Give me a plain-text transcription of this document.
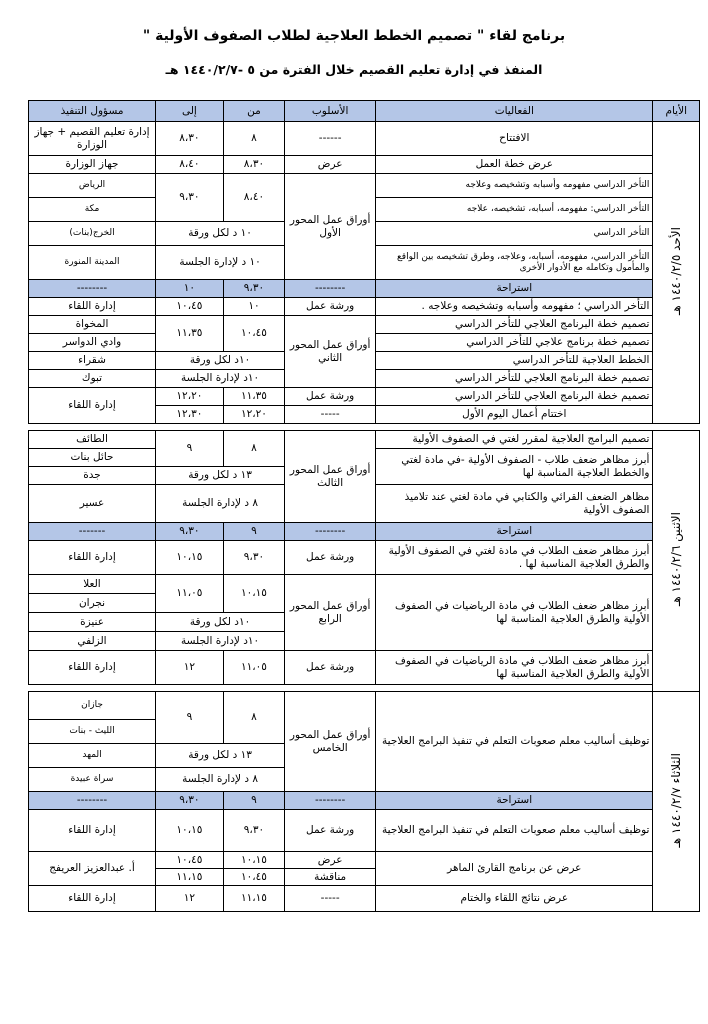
برنامج لقاء " تصميم الخطط العلاجية لطلاب الصفوف الأولية "
المنفذ في إدارة تعليم القصيم خلال الفترة من ٥ -١٤٤٠/٢/٧ هـ
الأيام	الفعاليات	الأسلوب	من	إلى	مسؤول التنفيذ
الأحد ١٤٤٠/٢/٥ هـ	الافتتاح	------	٨	٨،٣٠	إدارة تعليم القصيم + جهاز الوزارة
	عرض خطة العمل	عرض	٨،٣٠	٨،٤٠	جهاز الوزارة
	التأخر الدراسي مفهومه وأسبابه وتشخيصه وعلاجه	أوراق عمل المحور الأول	٨،٤٠	٩،٣٠	الرياض
	التأخر الدراسي: مفهومه، أسبابه، تشخيصه، علاجه				مكة
	التأخر الدراسي		١٠ د لكل ورقة		الخرج(بنات)
	التأخر الدراسي، مفهومه، أسبابه، وعلاجه، وطرق تشخيصه بين الواقع والمأمول وتكامله مع الأدوار الأخرى		١٠ د لإدارة الجلسة		المدينة المنورة
	استراحة	--------	٩،٣٠	١٠	--------
	التأخر الدراسي ؛ مفهومه وأسبابه وتشخيصه وعلاجه .	ورشة عمل	١٠	١٠،٤٥	إدارة اللقاء
	تصميم خطة البرنامج العلاجي للتأخر الدراسي	أوراق عمل المحور الثاني	١٠،٤٥	١١،٣٥	المخواة
	تصميم خطة برنامج علاجي للتأخر الدراسي				وادي الدواسر
	الخطط العلاجية للتأخر الدراسي		١٠د لكل ورقة		شقراء
	تصميم خطة البرنامج العلاجي للتأخر الدراسي		١٠د لإدارة الجلسة		تبوك
	تصميم خطة البرنامج العلاجي للتأخر الدراسي	ورشة عمل	١١،٣٥	١٢،٢٠	إدارة اللقاء
	اختتام أعمال اليوم الأول	-----	١٢،٢٠	١٢،٣٠	

الاثنين ١٤٤٠/٢/٦ هـ	تصميم البرامج العلاجية لمقرر لغتي في الصفوف الأولية	أوراق عمل المحور الثالث	٨	٩	الطائف
	أبرز مظاهر ضعف طلاب - الصفوف الأولية -في مادة لغتي والخطط العلاجية المناسبة لها				حائل بنات
			١٣ د لكل ورقة		جدة
	مظاهر الضعف القرائي والكتابي في مادة لغتي عند تلاميذ الصفوف الأولية		٨ د لإدارة الجلسة		عسير
	استراحة	--------	٩	٩،٣٠	-------
	أبرز مظاهر ضعف الطلاب في مادة لغتي في الصفوف الأولية والطرق العلاجية المناسبة لها .	ورشة عمل	٩،٣٠	١٠،١٥	إدارة اللقاء
	أبرز مظاهر ضعف الطلاب في مادة الرياضيات في الصفوف الأولية والطرق العلاجية المناسبة لها	أوراق عمل المحور الرابع	١٠،١٥	١١،٠٥	العلا
					نجران
			١٠د لكل ورقة		عنيزة
			١٠د لإدارة الجلسة		الزلفي
	أبرز مظاهر ضعف الطلاب في مادة الرياضيات في الصفوف الأولية والطرق العلاجية المناسبة لها	ورشة عمل	١١،٠٥	١٢	إدارة اللقاء

الثلاثاء ١٤٤٠/٢/٧ هـ	توظيف أساليب معلم صعوبات التعلم في تنفيذ البرامج العلاجية	أوراق عمل المحور الخامس	٨	٩	جازان
					الليث - بنات
			١٣ د لكل ورقة		المهد
			٨ د لإدارة الجلسة		سراة عبيدة
	استراحة	--------	٩	٩،٣٠	--------
	توظيف أساليب معلم صعوبات التعلم في تنفيذ البرامج العلاجية	ورشة عمل	٩،٣٠	١٠،١٥	إدارة اللقاء
	عرض عن برنامج القارئ الماهر	عرض	١٠،١٥	١٠،٤٥	أ. عبدالعزيز العريفج
		مناقشة	١٠،٤٥	١١،١٥	
	عرض نتائج اللقاء والختام	-----	١١،١٥	١٢	إدارة اللقاء
